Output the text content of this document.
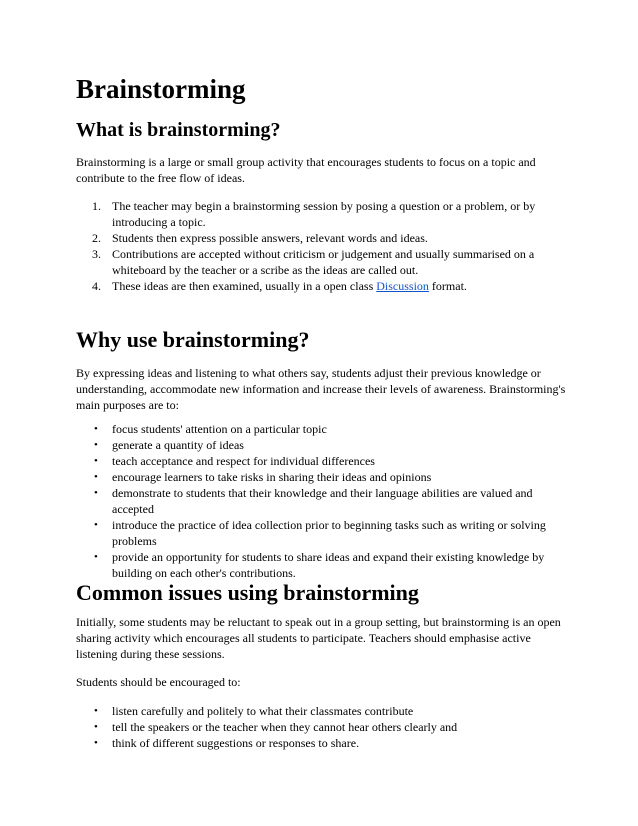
Brainstorming
What is brainstorming?

Brainstorming is a large or small group activity that encourages students to focus on a topic and contribute to the free flow of ideas.

1. The teacher may begin a brainstorming session by posing a question or a problem, or by introducing a topic.
2. Students then express possible answers, relevant words and ideas.
3. Contributions are accepted without criticism or judgement and usually summarised on a whiteboard by the teacher or a scribe as the ideas are called out.
4. These ideas are then examined, usually in a open class Discussion format.
Why use brainstorming?

By expressing ideas and listening to what others say, students adjust their previous knowledge or understanding, accommodate new information and increase their levels of awareness. Brainstorming's main purposes are to:

• focus students' attention on a particular topic
• generate a quantity of ideas
• teach acceptance and respect for individual differences
• encourage learners to take risks in sharing their ideas and opinions
• demonstrate to students that their knowledge and their language abilities are valued and accepted
• introduce the practice of idea collection prior to beginning tasks such as writing or solving problems
• provide an opportunity for students to share ideas and expand their existing knowledge by building on each other's contributions.
Common issues using brainstorming

Initially, some students may be reluctant to speak out in a group setting, but brainstorming is an open sharing activity which encourages all students to participate. Teachers should emphasise active listening during these sessions.

Students should be encouraged to:

• listen carefully and politely to what their classmates contribute
• tell the speakers or the teacher when they cannot hear others clearly and
• think of different suggestions or responses to share.
